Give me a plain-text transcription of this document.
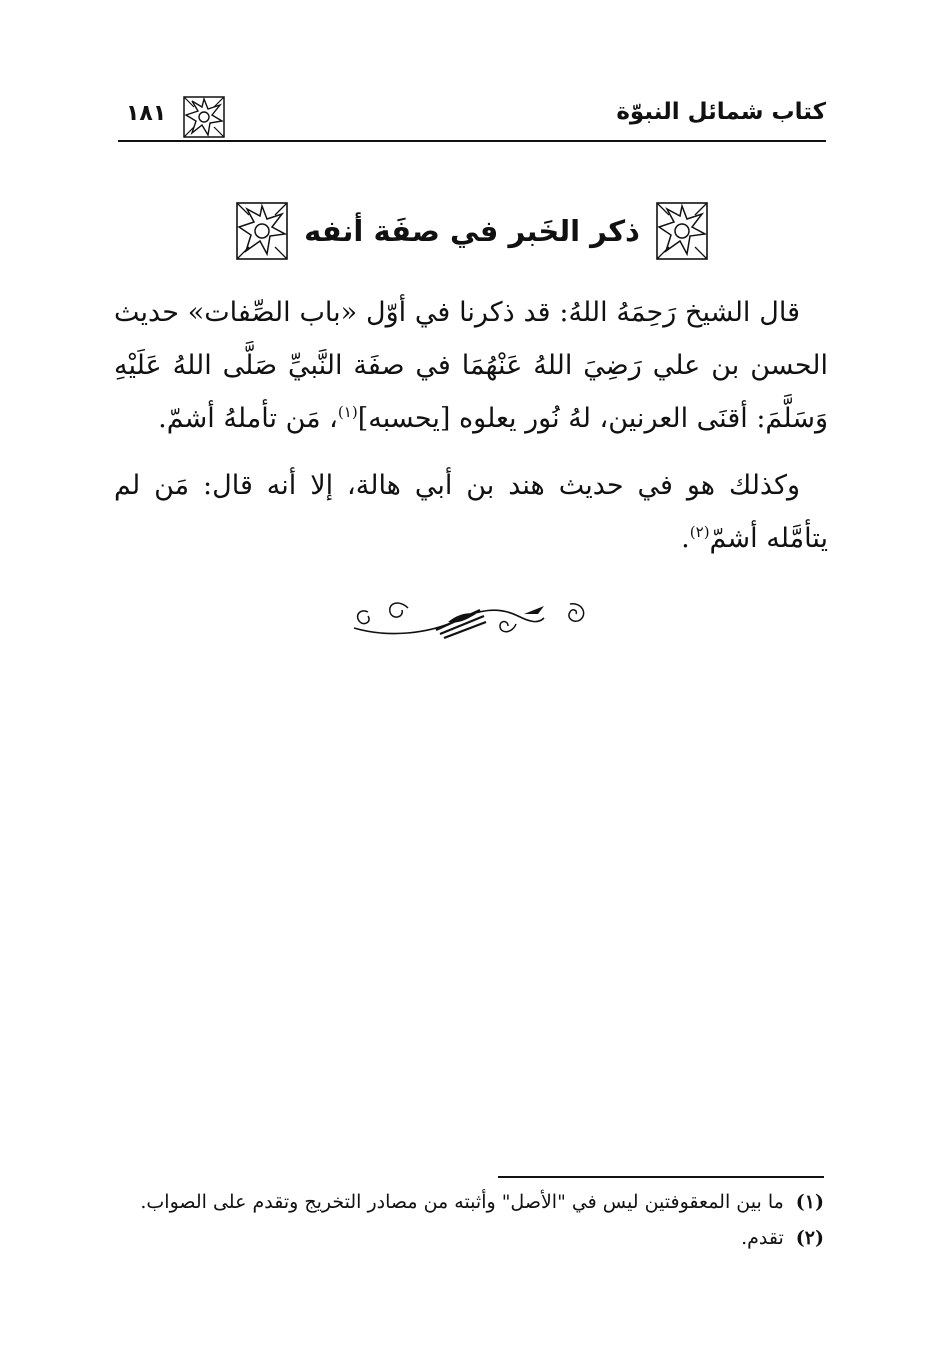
كتاب شمائل النبوّة
١٨١
ذكر الخَبر في صفَة أنفه

قال الشيخ رَحِمَهُ اللهُ: قد ذكرنا في أوّل «باب الصِّفات» حديث الحسن بن علي رَضِيَ اللهُ عَنْهُمَا في صفَة النَّبيِّ صَلَّى اللهُ عَلَيْهِ وَسَلَّمَ: أقنَى العرنين، لهُ نُور يعلوه [يحسبه]$^{(١)}$، مَن تأملهُ أشمّ.

وكذلك هو في حديث هند بن أبي هالة، إلا أنه قال: مَن لم يتأمَّله أشمّ$^{(٢)}$.

(١)
ما بين المعقوفتين ليس في "الأصل" وأثبته من مصادر التخريج وتقدم على الصواب.
(٢)
تقدم.
